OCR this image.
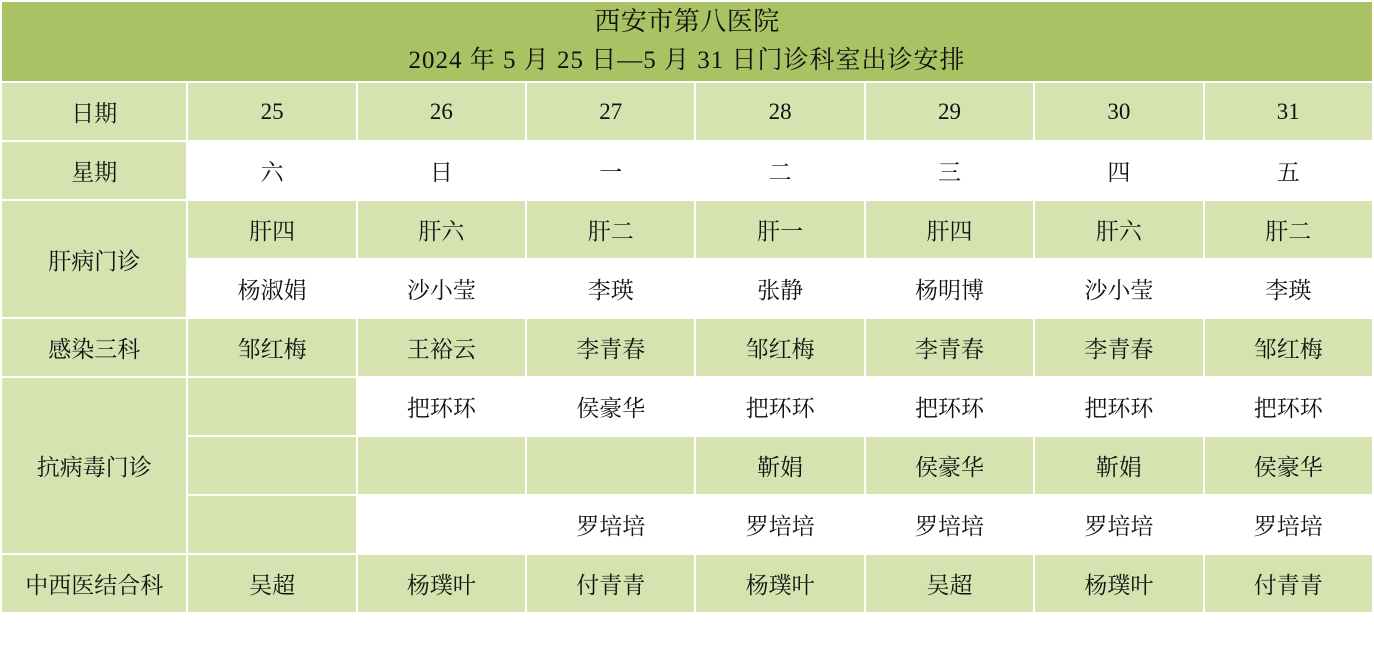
西安市第八医院
2024 年 5 月 25 日—5 月 31 日门诊科室出诊安排							

日期	25	26	27	28	29	30	31
星期	六	日	一	二	三	四	五
肝病门诊	肝四	肝六	肝二	肝一	肝四	肝六	肝二
	杨淑娟	沙小莹	李瑛	张静	杨明博	沙小莹	李瑛
感染三科	邹红梅	王裕云	李青春	邹红梅	李青春	李青春	邹红梅
抗病毒门诊		把环环	侯豪华	把环环	把环环	把环环	把环环
				靳娟	侯豪华	靳娟	侯豪华
			罗培培	罗培培	罗培培	罗培培	罗培培
中西医结合科	吴超	杨璞叶	付青青	杨璞叶	吴超	杨璞叶	付青青
